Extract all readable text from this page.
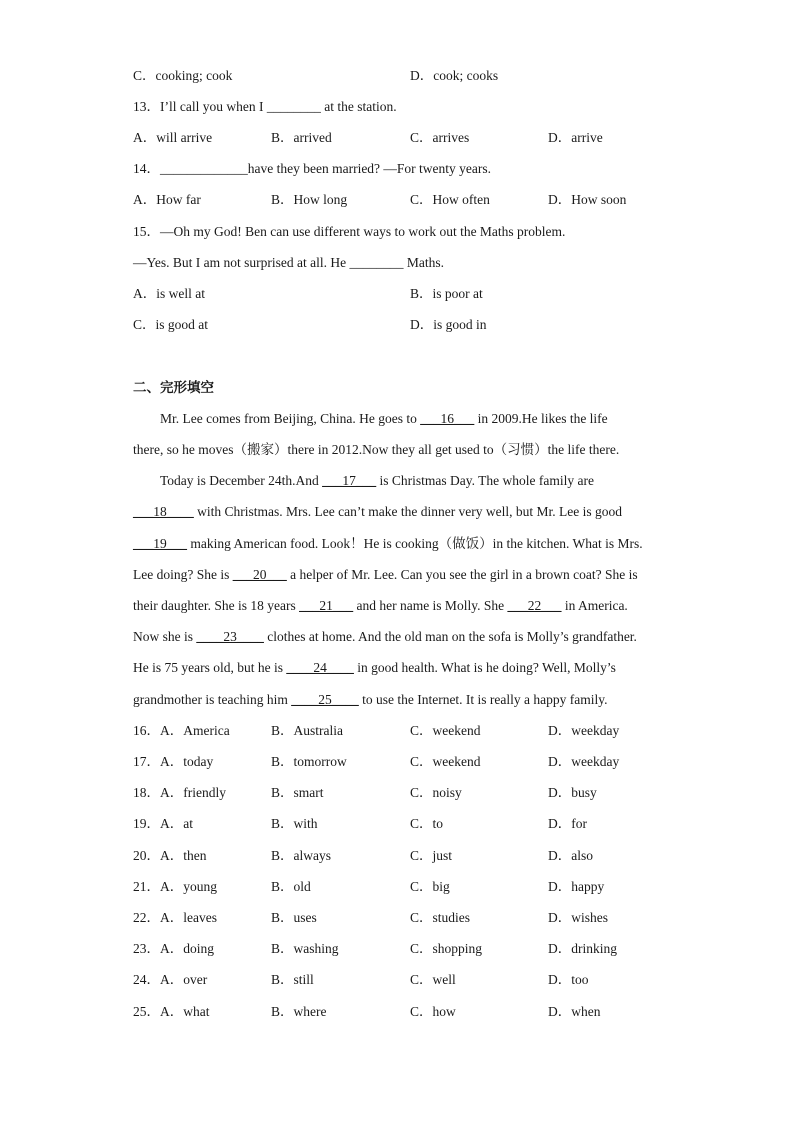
C．cooking; cook	D．cook; cooks
13．I’ll call you when I ________ at the station.
A．will arrive	B．arrived	C．arrives	D．arrive
14．_____________have they been married? —For twenty years.
A．How far	B．How long	C．How often	D．How soon
15．—Oh my God! Ben can use different ways to work out the Maths problem.
—Yes. But I am not surprised at all. He ________ Maths.
A．is well at	B．is poor at
C．is good at	D．is good in
二、完形填空
Mr. Lee comes from Beijing, China. He goes to ___16___ in 2009.He likes the life
there, so he moves（搬家）there in 2012.Now they all get used to（习惯）the life there.
Today is December 24th.And ___17___ is Christmas Day. The whole family are
___18____ with Christmas. Mrs. Lee can’t make the dinner very well, but Mr. Lee is good
___19___ making American food. Look！He is cooking（做饭）in the kitchen. What is Mrs.
Lee doing? She is ___20___ a helper of Mr. Lee. Can you see the girl in a brown coat? She is
their daughter. She is 18 years ___21___ and her name is Molly. She ___22___ in America.
Now she is ____23____ clothes at home. And the old man on the sofa is Molly’s grandfather.
He is 75 years old, but he is ____24____ in good health. What is he doing? Well, Molly’s
grandmother is teaching him ____25____ to use the Internet. It is really a happy family.
16．A．America	B．Australia	C．weekend	D．weekday
17．A．today	B．tomorrow	C．weekend	D．weekday
18．A．friendly	B．smart	C．noisy	D．busy
19．A．at	B．with	C．to	D．for
20．A．then	B．always	C．just	D．also
21．A．young	B．old	C．big	D．happy
22．A．leaves	B．uses	C．studies	D．wishes
23．A．doing	B．washing	C．shopping	D．drinking
24．A．over	B．still	C．well	D．too
25．A．what	B．where	C．how	D．when
